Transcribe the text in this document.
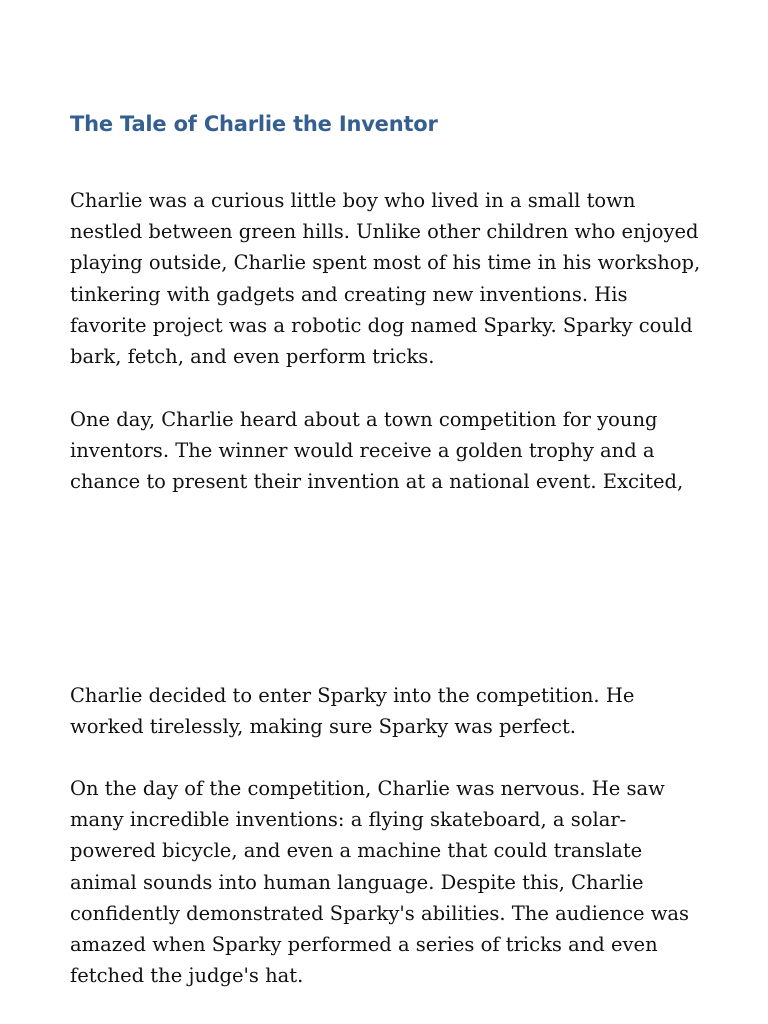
The Tale of Charlie the Inventor

Charlie was a curious little boy who lived in a small town
nestled between green hills. Unlike other children who enjoyed
playing outside, Charlie spent most of his time in his workshop,
tinkering with gadgets and creating new inventions. His
favorite project was a robotic dog named Sparky. Sparky could
bark, fetch, and even perform tricks.

One day, Charlie heard about a town competition for young
inventors. The winner would receive a golden trophy and a
chance to present their invention at a national event. Excited,

Charlie decided to enter Sparky into the competition. He
worked tirelessly, making sure Sparky was perfect.

On the day of the competition, Charlie was nervous. He saw
many incredible inventions: a flying skateboard, a solar-
powered bicycle, and even a machine that could translate
animal sounds into human language. Despite this, Charlie
confidently demonstrated Sparky's abilities. The audience was
amazed when Sparky performed a series of tricks and even
fetched the judge's hat.
